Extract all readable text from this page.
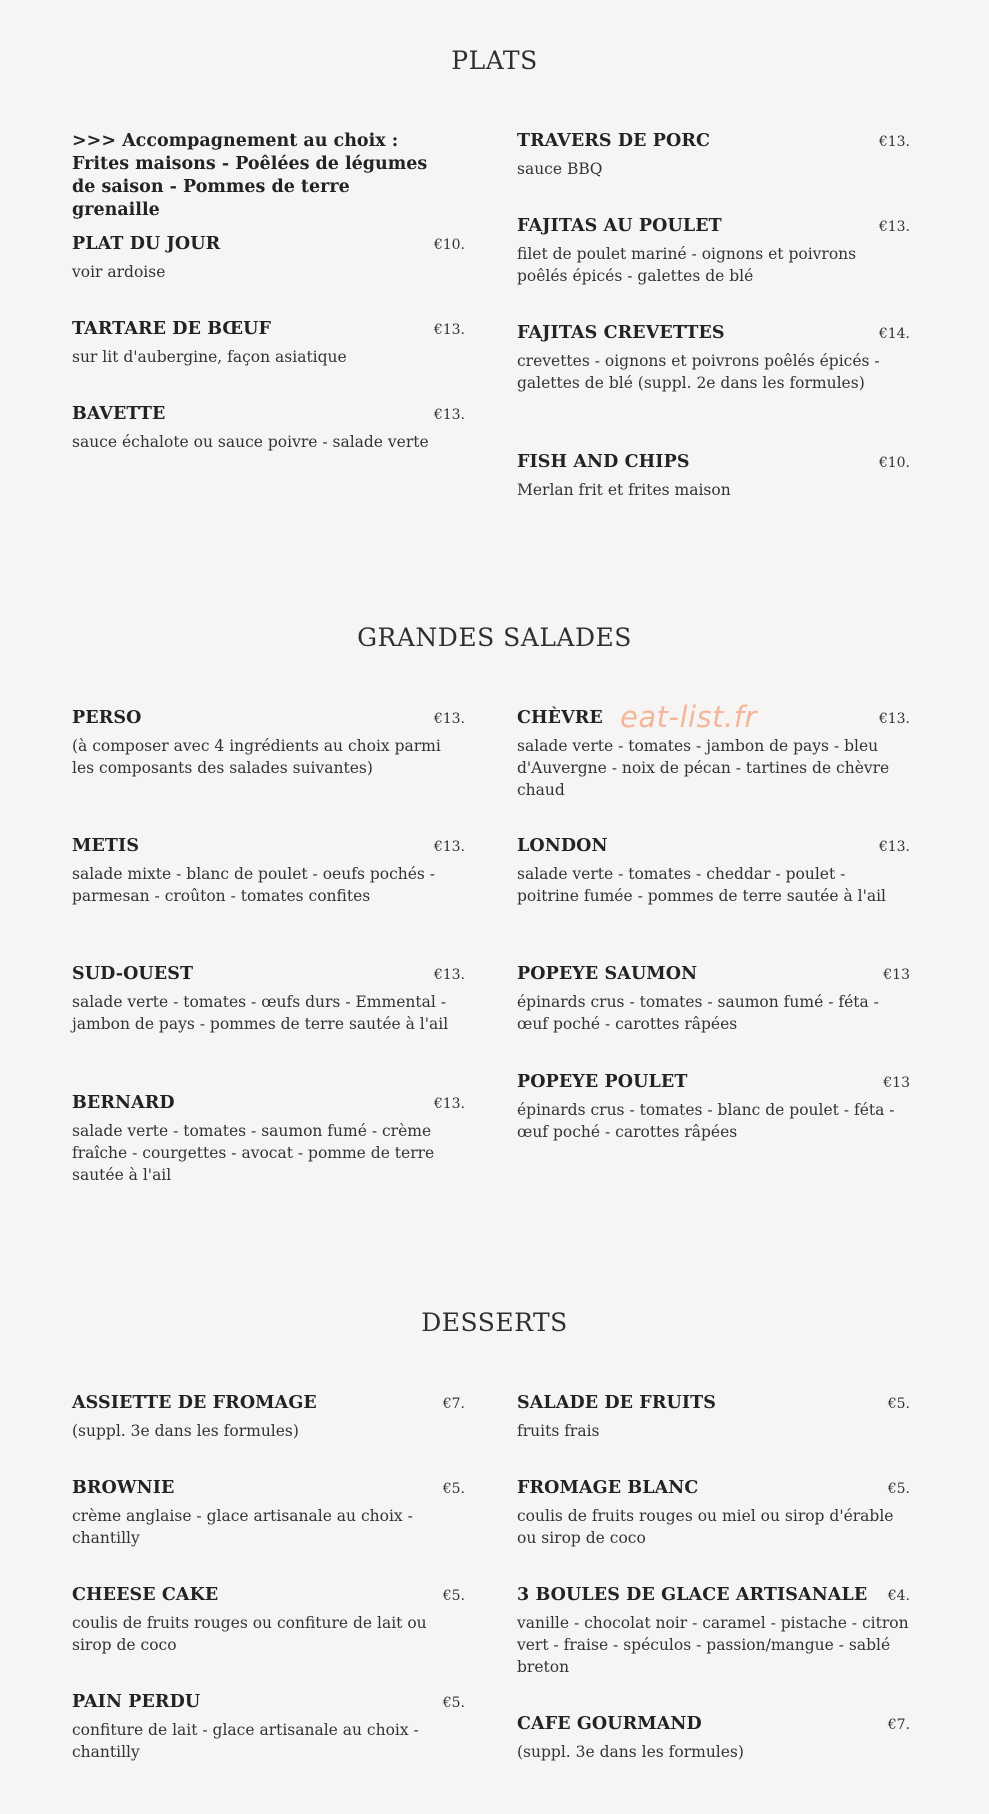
PLATS
>>> Accompagnement au choix : Frites maisons - Poêlées de légumes de saison - Pommes de terre grenaille
PLAT DU JOUR	€10.
voir ardoise
TARTARE DE BŒUF	€13.
sur lit d'aubergine, façon asiatique
BAVETTE	€13.
sauce échalote ou sauce poivre - salade verte
TRAVERS DE PORC	€13.
sauce BBQ
FAJITAS AU POULET	€13.
filet de poulet mariné - oignons et poivrons poêlés épicés - galettes de blé
FAJITAS CREVETTES	€14.
crevettes - oignons et poivrons poêlés épicés - galettes de blé (suppl. 2e dans les formules)
FISH AND CHIPS	€10.
Merlan frit et frites maison
GRANDES SALADES
eat-list.fr
PERSO	€13.
(à composer avec 4 ingrédients au choix parmi les composants des salades suivantes)
METIS	€13.
salade mixte - blanc de poulet - oeufs pochés - parmesan - croûton - tomates confites
SUD-OUEST	€13.
salade verte - tomates - œufs durs - Emmental - jambon de pays - pommes de terre sautée à l'ail
BERNARD	€13.
salade verte - tomates - saumon fumé - crème fraîche - courgettes - avocat - pomme de terre sautée à l'ail
CHÈVRE	€13.
salade verte - tomates - jambon de pays - bleu d'Auvergne - noix de pécan - tartines de chèvre chaud
LONDON	€13.
salade verte - tomates - cheddar - poulet - poitrine fumée - pommes de terre sautée à l'ail
POPEYE SAUMON	€13
épinards crus - tomates - saumon fumé - féta - œuf poché - carottes râpées
POPEYE POULET	€13
épinards crus - tomates - blanc de poulet - féta - œuf poché - carottes râpées
DESSERTS
ASSIETTE DE FROMAGE	€7.
(suppl. 3e dans les formules)
BROWNIE	€5.
crème anglaise - glace artisanale au choix - chantilly
CHEESE CAKE	€5.
coulis de fruits rouges ou confiture de lait ou sirop de coco
PAIN PERDU	€5.
confiture de lait - glace artisanale au choix - chantilly
SALADE DE FRUITS	€5.
fruits frais
FROMAGE BLANC	€5.
coulis de fruits rouges ou miel ou sirop d'érable ou sirop de coco
3 BOULES DE GLACE ARTISANALE €4.
vanille - chocolat noir - caramel - pistache - citron vert - fraise - spéculos - passion/mangue - sablé breton
CAFE GOURMAND	€7.
(suppl. 3e dans les formules)
